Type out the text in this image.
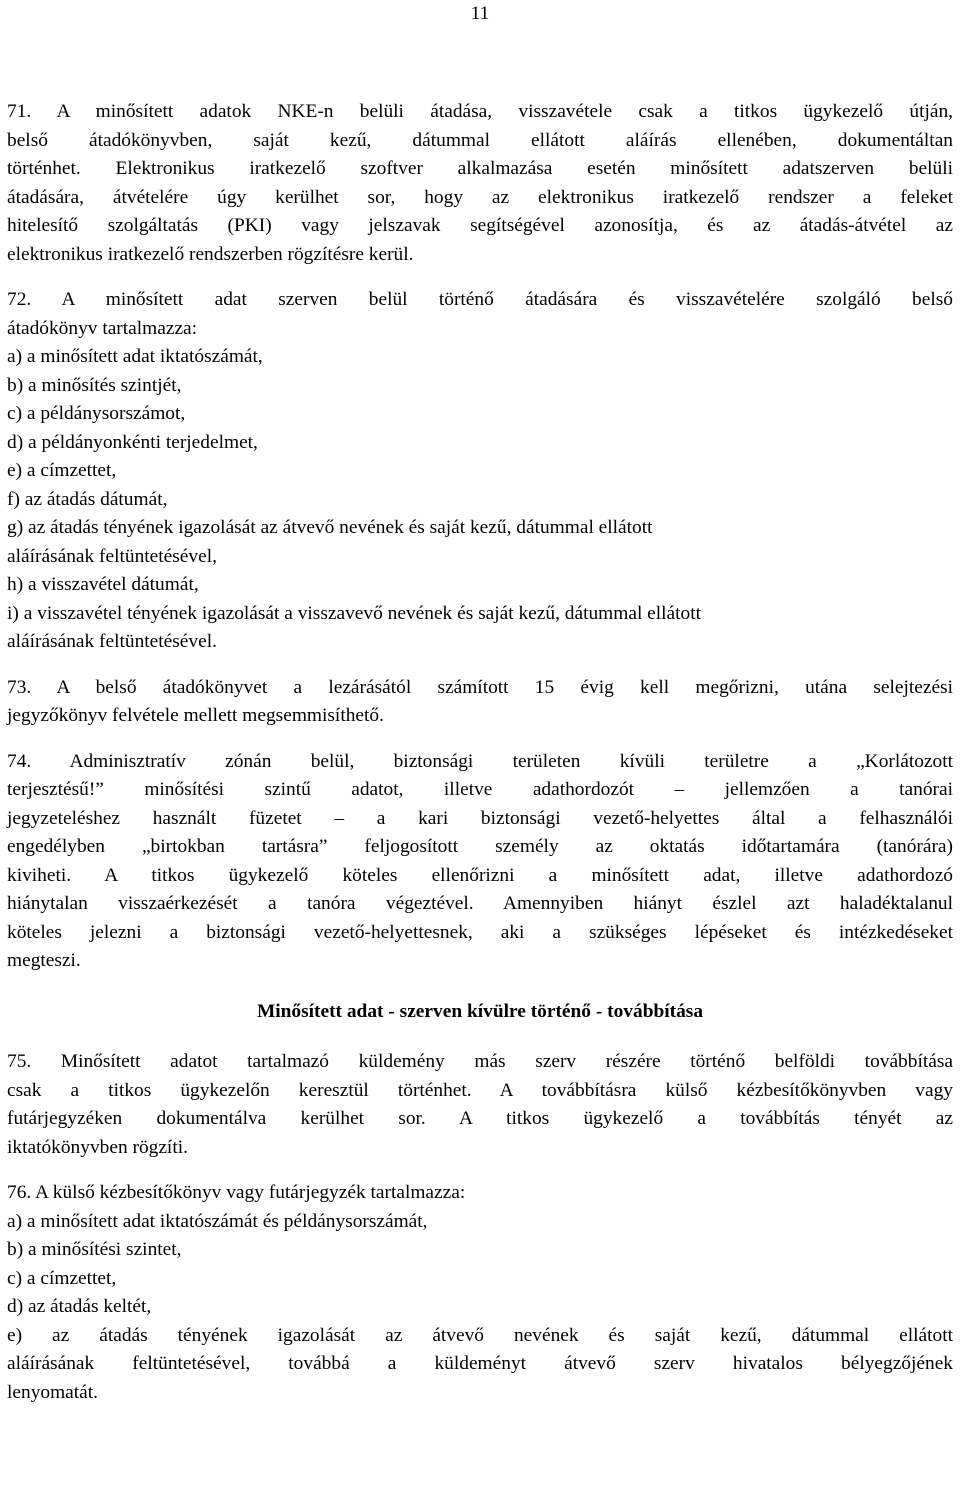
11
71. A minősített adatok NKE-n belüli átadása, visszavétele csak a titkos ügykezelő útján,
belső átadókönyvben, saját kezű, dátummal ellátott aláírás ellenében, dokumentáltan
történhet. Elektronikus iratkezelő szoftver alkalmazása esetén minősített adatszerven belüli
átadására, átvételére úgy kerülhet sor, hogy az elektronikus iratkezelő rendszer a feleket
hitelesítő szolgáltatás (PKI) vagy jelszavak segítségével azonosítja, és az átadás-átvétel az
elektronikus iratkezelő rendszerben rögzítésre kerül.
72. A minősített adat szerven belül történő átadására és visszavételére szolgáló belső
átadókönyv tartalmazza:
a) a minősített adat iktatószámát,
b) a minősítés szintjét,
c) a példánysorszámot,
d) a példányonkénti terjedelmet,
e) a címzettet,
f) az átadás dátumát,
g) az átadás tényének igazolását az átvevő nevének és saját kezű, dátummal ellátott
aláírásának feltüntetésével,
h) a visszavétel dátumát,
i) a visszavétel tényének igazolását a visszavevő nevének és saját kezű, dátummal ellátott
aláírásának feltüntetésével.
73. A belső átadókönyvet a lezárásától számított 15 évig kell megőrizni, utána selejtezési
jegyzőkönyv felvétele mellett megsemmisíthető.
74. Adminisztratív zónán belül, biztonsági területen kívüli területre a „Korlátozott
terjesztésű!” minősítési szintű adatot, illetve adathordozót – jellemzően a tanórai
jegyzeteléshez használt füzetet – a kari biztonsági vezető-helyettes által a felhasználói
engedélyben „birtokban tartásra” feljogosított személy az oktatás időtartamára (tanórára)
kiviheti. A titkos ügykezelő köteles ellenőrizni a minősített adat, illetve adathordozó
hiánytalan visszaérkezését a tanóra végeztével. Amennyiben hiányt észlel azt haladéktalanul
köteles jelezni a biztonsági vezető-helyettesnek, aki a szükséges lépéseket és intézkedéseket
megteszi.

Minősített adat - szerven kívülre történő - továbbítása

75. Minősített adatot tartalmazó küldemény más szerv részére történő belföldi továbbítása
csak a titkos ügykezelőn keresztül történhet. A továbbításra külső kézbesítőkönyvben vagy
futárjegyzéken dokumentálva kerülhet sor. A titkos ügykezelő a továbbítás tényét az
iktatókönyvben rögzíti.
76. A külső kézbesítőkönyv vagy futárjegyzék tartalmazza:
a) a minősített adat iktatószámát és példánysorszámát,
b) a minősítési szintet,
c) a címzettet,
d) az átadás keltét,
e) az átadás tényének igazolását az átvevő nevének és saját kezű, dátummal ellátott
aláírásának feltüntetésével, továbbá a küldeményt átvevő szerv hivatalos bélyegzőjének
lenyomatát.
